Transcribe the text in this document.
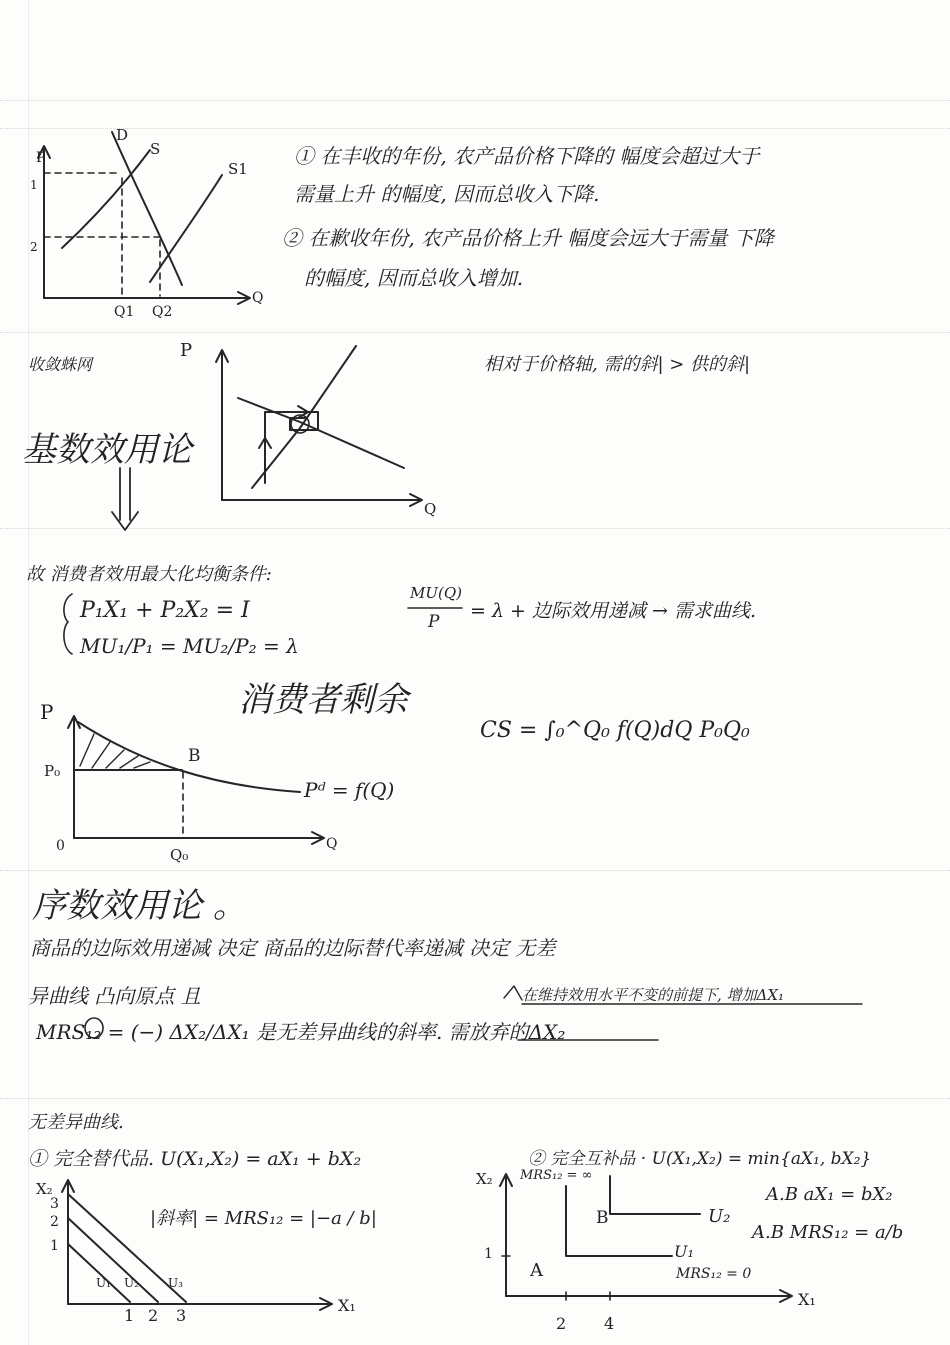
P
1
2
D
S
S1
Q1 Q2
Q
① 在丰收的年份, 农产品价格下降的 幅度会超过大于
需量上升 的幅度, 因而总收入下降.
② 在歉收年份, 农产品价格上升 幅度会远大于需量 下降
的幅度, 因而总收入增加.
收敛蛛网
P
Q
相对于价格轴, 需的斜| > 供的斜|
基数效用论
故 消费者效用最大化均衡条件:
P₁X₁ + P₂X₂ = I
MU₁/P₁ = MU₂/P₂ = λ
MU(Q)
P = λ + 边际效用递减 → 需求曲线.
消费者剩余
P
P₀
B
0	Q₀
Q
Pᵈ = f(Q)
CS = ∫₀^Q₀ f(Q)dQ P₀Q₀
序数效用论 。
商品的边际效用递减 决定 商品的边际替代率递减 决定 无差
异曲线 凸向原点 且	在维持效用水平不变的前提下, 增加ΔX₁
MRS₁₂ = (−) ΔX₂/ΔX₁ 是无差异曲线的斜率. 需放弃的ΔX₂
无差异曲线.
① 完全替代品. U(X₁,X₂) = aX₁ + bX₂
X₂
3
2
1
|斜率| = MRS₁₂ = |−a / b|
U₁ U₂ U₃
1 2 3
X₁
② 完全互补品 · U(X₁,X₂) = min{aX₁, bX₂}
X₂ MRS₁₂ = ∞
B	U₂
1	U₁
A	MRS₁₂ = 0
2 4
X₁
A.B aX₁ = bX₂
A.B MRS₁₂ = a/b
